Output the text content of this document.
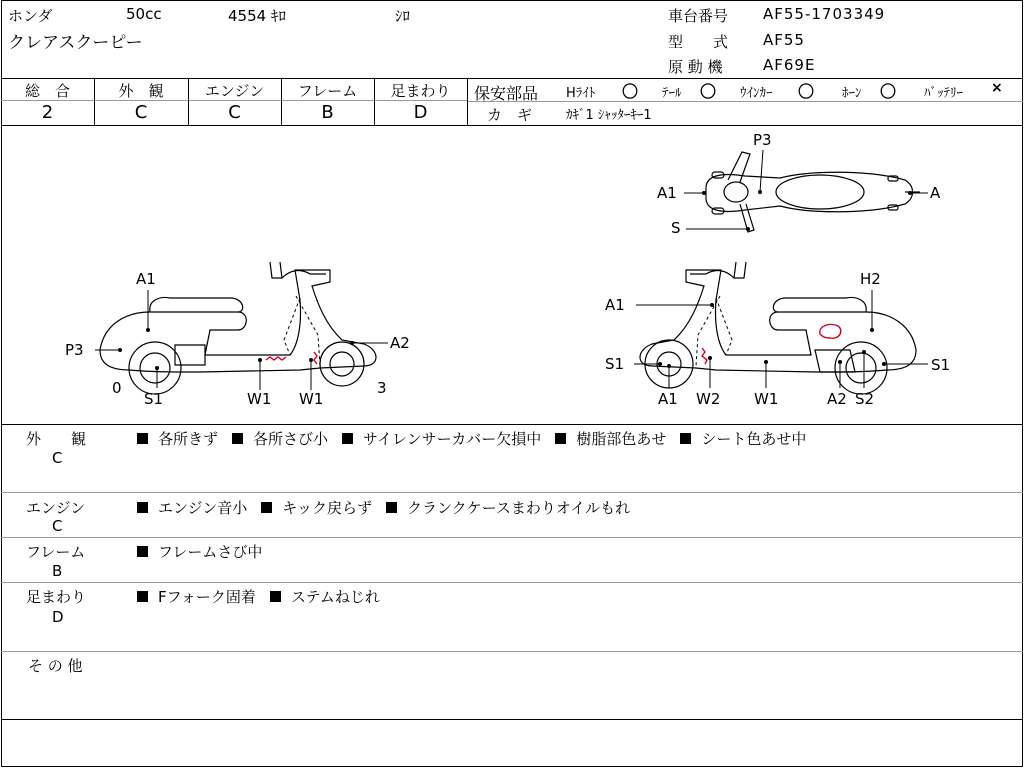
ホンダ	50cc	4554 ｷﾛ	ｼﾛ
クレアスクーピー
車台番号 AF55-1703349
型　　式 AF55
原 動 機	AF69E
総　合
2
外　観
C
エンジン
C
フレーム
B
足まわり
D
保安部品 Hﾗｲﾄ 〇 ﾃｰﾙ 〇 ｳｲﾝｶｰ 〇 ﾎｰﾝ 〇 ﾊﾞｯﾃﾘｰ ×
カ　ギ	ｶｷﾞ1 ｼｬｯﾀｰｷｰ1
P3
A1	A
S
A1
P3	A2
0
S1	W1 W1
3
A1
H2
S1	S1
A1 W2 W1	A2 S2
外　　観
C
各所きず 各所さび小 サイレンサーカバー欠損中 樹脂部色あせ シート色あせ中
エンジン
C
エンジン音小 キック戻らず クランクケースまわりオイルもれ
フレーム
B
フレームさび中
足まわり
D
Fフォーク固着 ステムねじれ
そ の 他
